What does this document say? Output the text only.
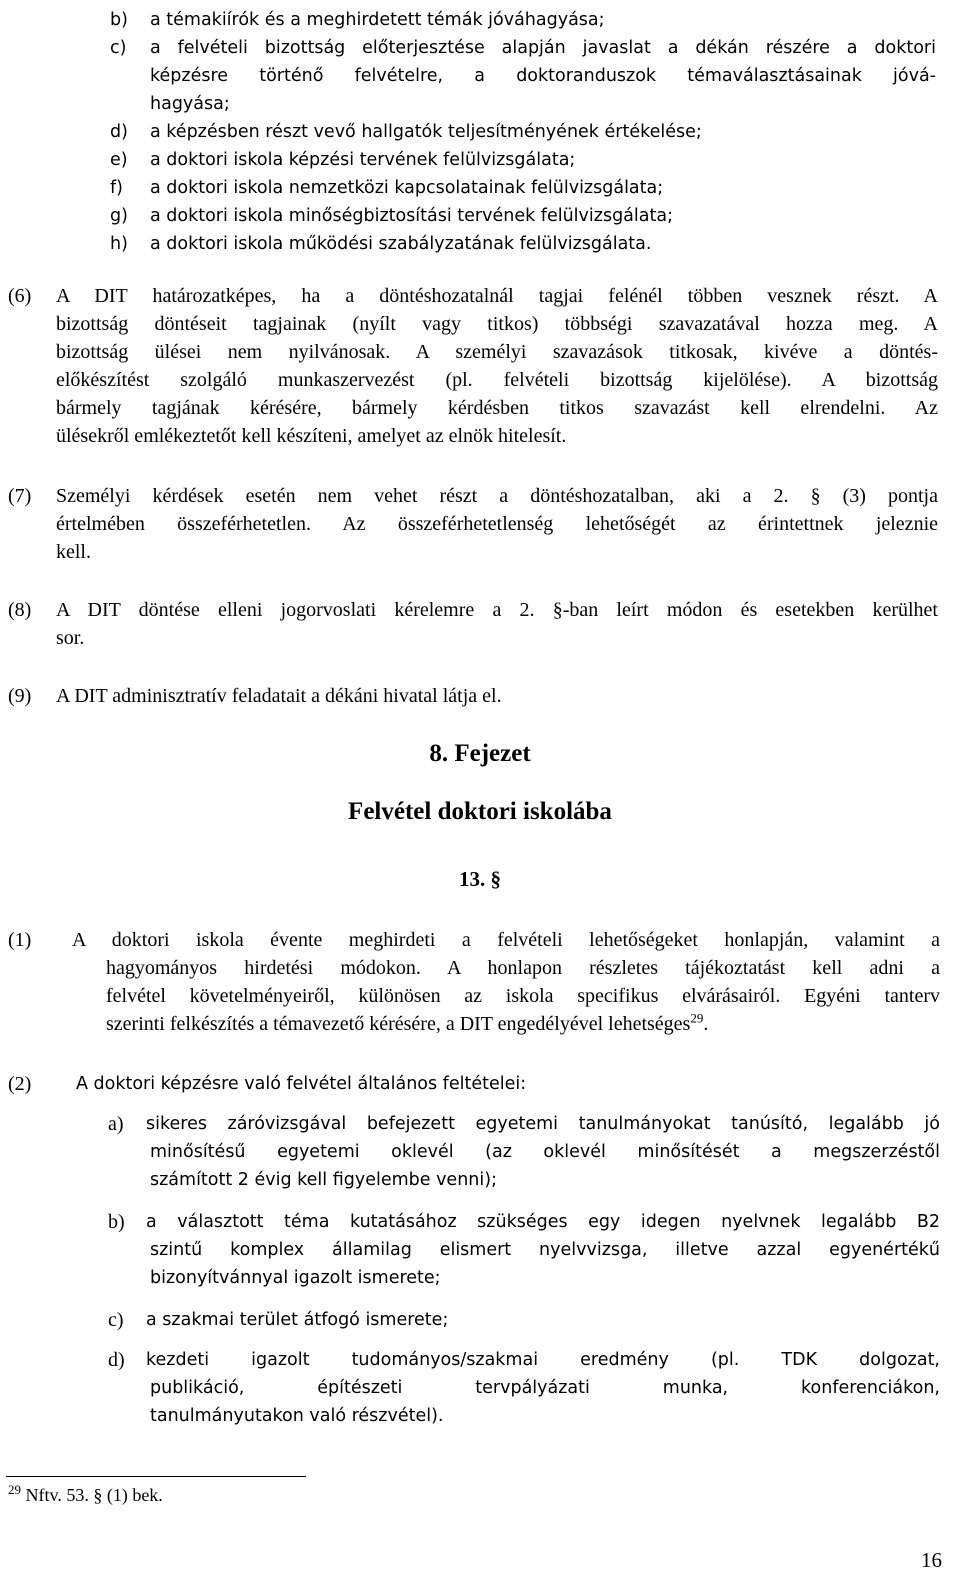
b) a témakiírók és a meghirdetett témák jóváhagyása;
c) a felvételi bizottság előterjesztése alapján javaslat a dékán részére a doktori
képzésre történő felvételre, a doktoranduszok témaválasztásainak jóvá-
hagyása;
d) a képzésben részt vevő hallgatók teljesítményének értékelése;
e) a doktori iskola képzési tervének felülvizsgálata;
f) a doktori iskola nemzetközi kapcsolatainak felülvizsgálata;
g) a doktori iskola minőségbiztosítási tervének felülvizsgálata;
h) a doktori iskola működési szabályzatának felülvizsgálata.
(6) A DIT határozatképes, ha a döntéshozatalnál tagjai felénél többen vesznek részt. A
bizottság döntéseit tagjainak (nyílt vagy titkos) többségi szavazatával hozza meg. A
bizottság ülései nem nyilvánosak. A személyi szavazások titkosak, kivéve a döntés-
előkészítést szolgáló munkaszervezést (pl. felvételi bizottság kijelölése). A bizottság
bármely tagjának kérésére, bármely kérdésben titkos szavazást kell elrendelni. Az
ülésekről emlékeztetőt kell készíteni, amelyet az elnök hitelesít.
(7) Személyi kérdések esetén nem vehet részt a döntéshozatalban, aki a 2. § (3) pontja
értelmében összeférhetetlen. Az összeférhetetlenség lehetőségét az érintettnek jeleznie
kell.
(8) A DIT döntése elleni jogorvoslati kérelemre a 2. §-ban leírt módon és esetekben kerülhet
sor.
(9) A DIT adminisztratív feladatait a dékáni hivatal látja el.
8. Fejezet
Felvétel doktori iskolába
13. §
(1) A doktori iskola évente meghirdeti a felvételi lehetőségeket honlapján, valamint a
hagyományos hirdetési módokon. A honlapon részletes tájékoztatást kell adni a
felvétel követelményeiről, különösen az iskola specifikus elvárásairól. Egyéni tanterv
szerinti felkészítés a témavezető kérésére, a DIT engedélyével lehetséges$^{29}$.
(2)	A doktori képzésre való felvétel általános feltételei:
a) sikeres záróvizsgával befejezett egyetemi tanulmányokat tanúsító, legalább jó
minősítésű egyetemi oklevél (az oklevél minősítését a megszerzéstől
számított 2 évig kell figyelembe venni);
b) a választott téma kutatásához szükséges egy idegen nyelvnek legalább B2
szintű komplex államilag elismert nyelvvizsga, illetve azzal egyenértékű
bizonyítvánnyal igazolt ismerete;
c) a szakmai terület átfogó ismerete;
d) kezdeti igazolt tudományos/szakmai eredmény (pl. TDK dolgozat,
publikáció, építészeti tervpályázati munka, konferenciákon,
tanulmányutakon való részvétel).
$^{29}$ Nftv. 53. § (1) bek.
16
